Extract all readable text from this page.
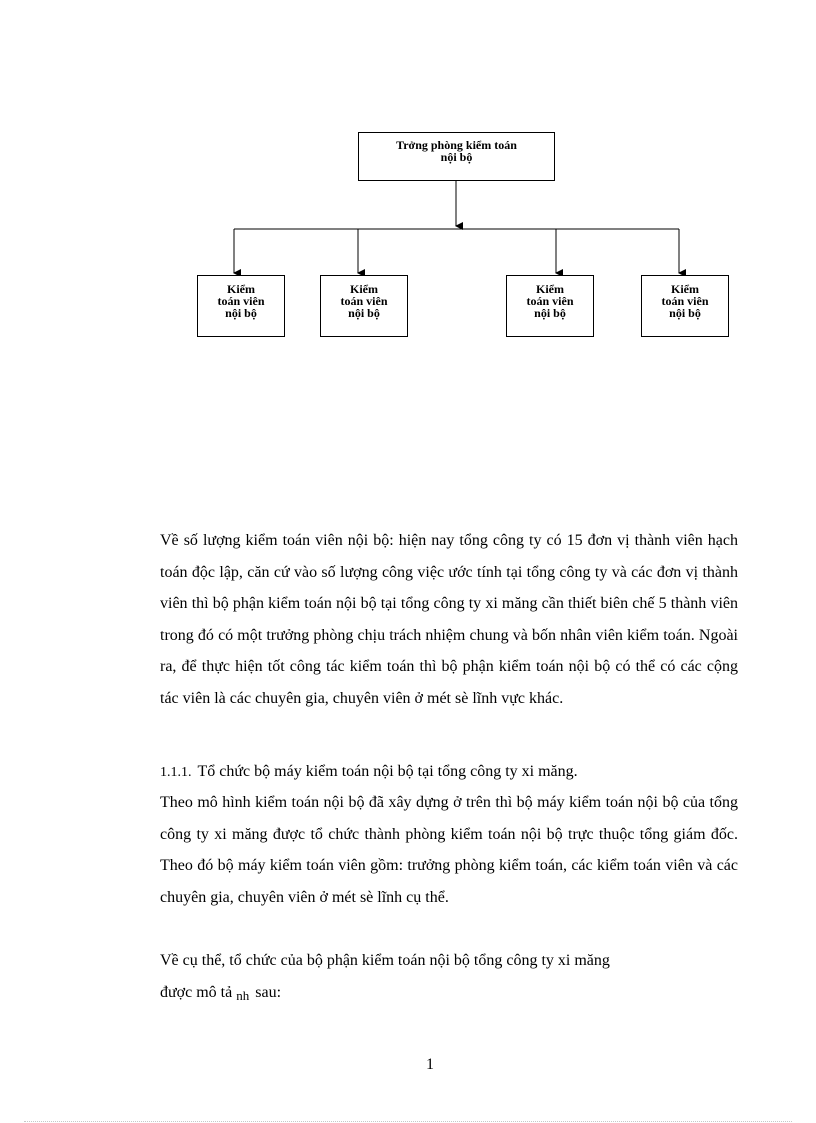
Trởng phòng kiểm toán
nội bộ
Kiểm
toán viên
nội bộ
Kiểm
toán viên
nội bộ
Kiểm
toán viên
nội bộ
Kiểm
toán viên
nội bộ

Về số lượng kiểm toán viên nội bộ: hiện nay tổng công ty có 15 đơn vị thành viên hạch toán độc lập, căn cứ vào số lượng công việc ước tính tại tổng công ty và các đơn vị thành viên thì bộ phận kiểm toán nội bộ tại tổng công ty xi măng cần thiết biên chế 5 thành viên trong đó có một trưởng phòng chịu trách nhiệm chung và bốn nhân viên kiểm toán. Ngoài ra, để thực hiện tốt công tác kiểm toán thì bộ phận kiểm toán nội bộ có thể có các cộng tác viên là các chuyên gia, chuyên viên ở mét sè lĩnh vực khác.

1.1.1. Tổ chức bộ máy kiểm toán nội bộ tại tổng công ty xi măng.

Theo mô hình kiểm toán nội bộ đã xây dựng ở trên thì bộ máy kiểm toán nội bộ của tổng công ty xi măng được tổ chức thành phòng kiểm toán nội bộ trực thuộc tổng giám đốc. Theo đó bộ máy kiểm toán viên gồm: trưởng phòng kiểm toán, các kiểm toán viên và các chuyên gia, chuyên viên ở mét sè lĩnh cụ thể.

Về cụ thể, tổ chức của bộ phận kiểm toán nội bộ tổng công ty xi măng

được mô tả nh sau:

1
